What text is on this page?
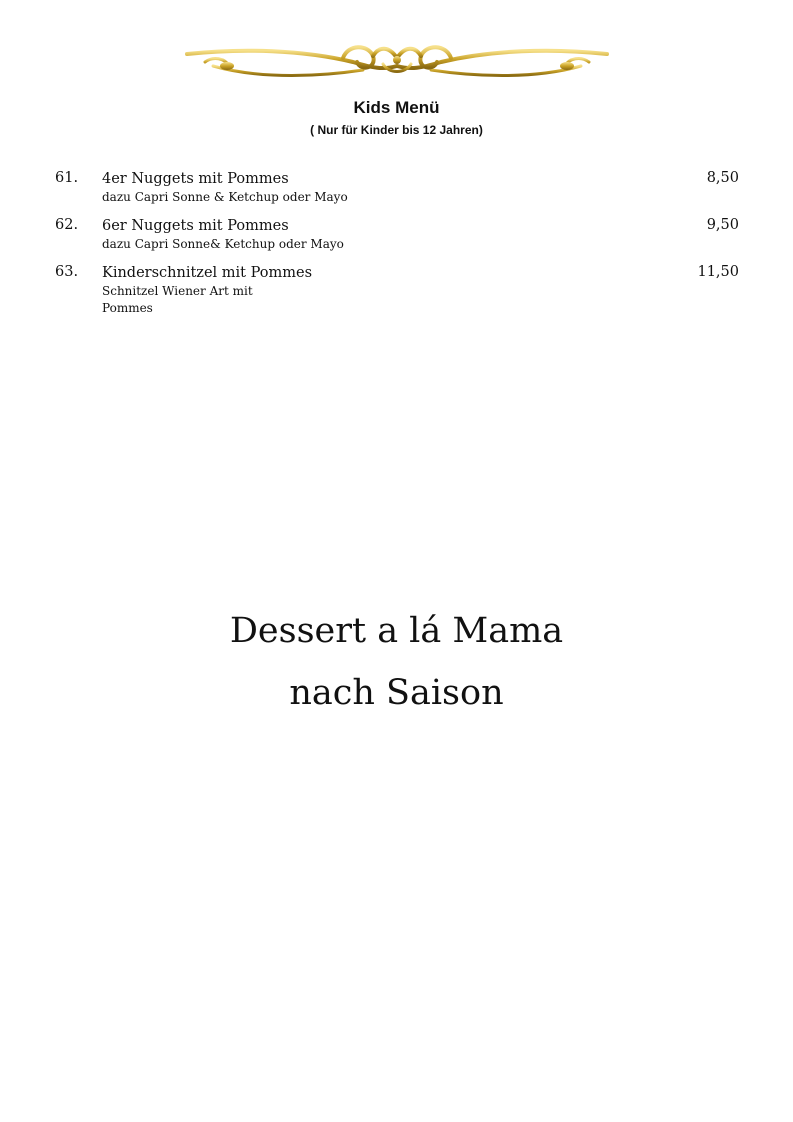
Kids Menü
( Nur für Kinder bis 12 Jahren)
61. 4er Nuggets mit Pommes	8,50
dazu Capri Sonne & Ketchup oder Mayo
62. 6er Nuggets mit Pommes	9,50
dazu Capri Sonne& Ketchup oder Mayo
63. Kinderschnitzel mit Pommes	11,50
Schnitzel Wiener Art mit
Pommes
Dessert a lá Mama
nach Saison
